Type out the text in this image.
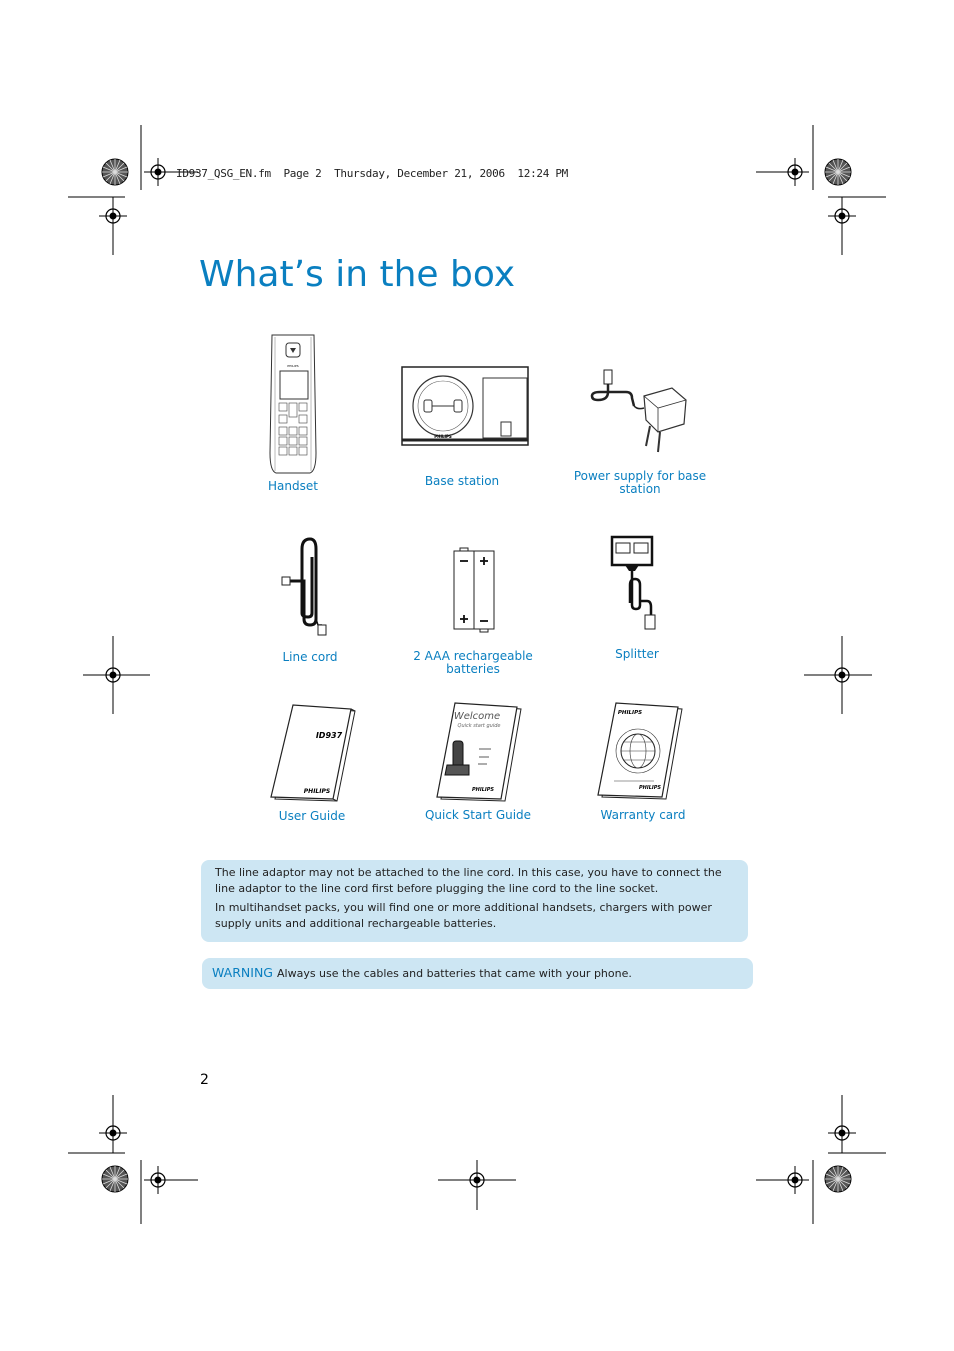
ID937_QSG_EN.fm  Page 2  Thursday, December 21, 2006  12:24 PM
What’s in the box
PHILIPS
Handset
PHILIPS
Base station	Power supply for base station
Line cord	2 AAA rechargeable batteries
Splitter
ID937
PHILIPS
User Guide
Welcome
Quick start guide
PHILIPS
Quick Start Guide
PHILIPS
PHILIPS
Warranty card

The line adaptor may not be attached to the line cord. In this case, you have to connect the line adaptor to the line cord first before plugging the line cord to the line socket.

In multihandset packs, you will find one or more additional handsets, chargers with power supply units and additional rechargeable batteries.

WARNING Always use the cables and batteries that came with your phone.
2
